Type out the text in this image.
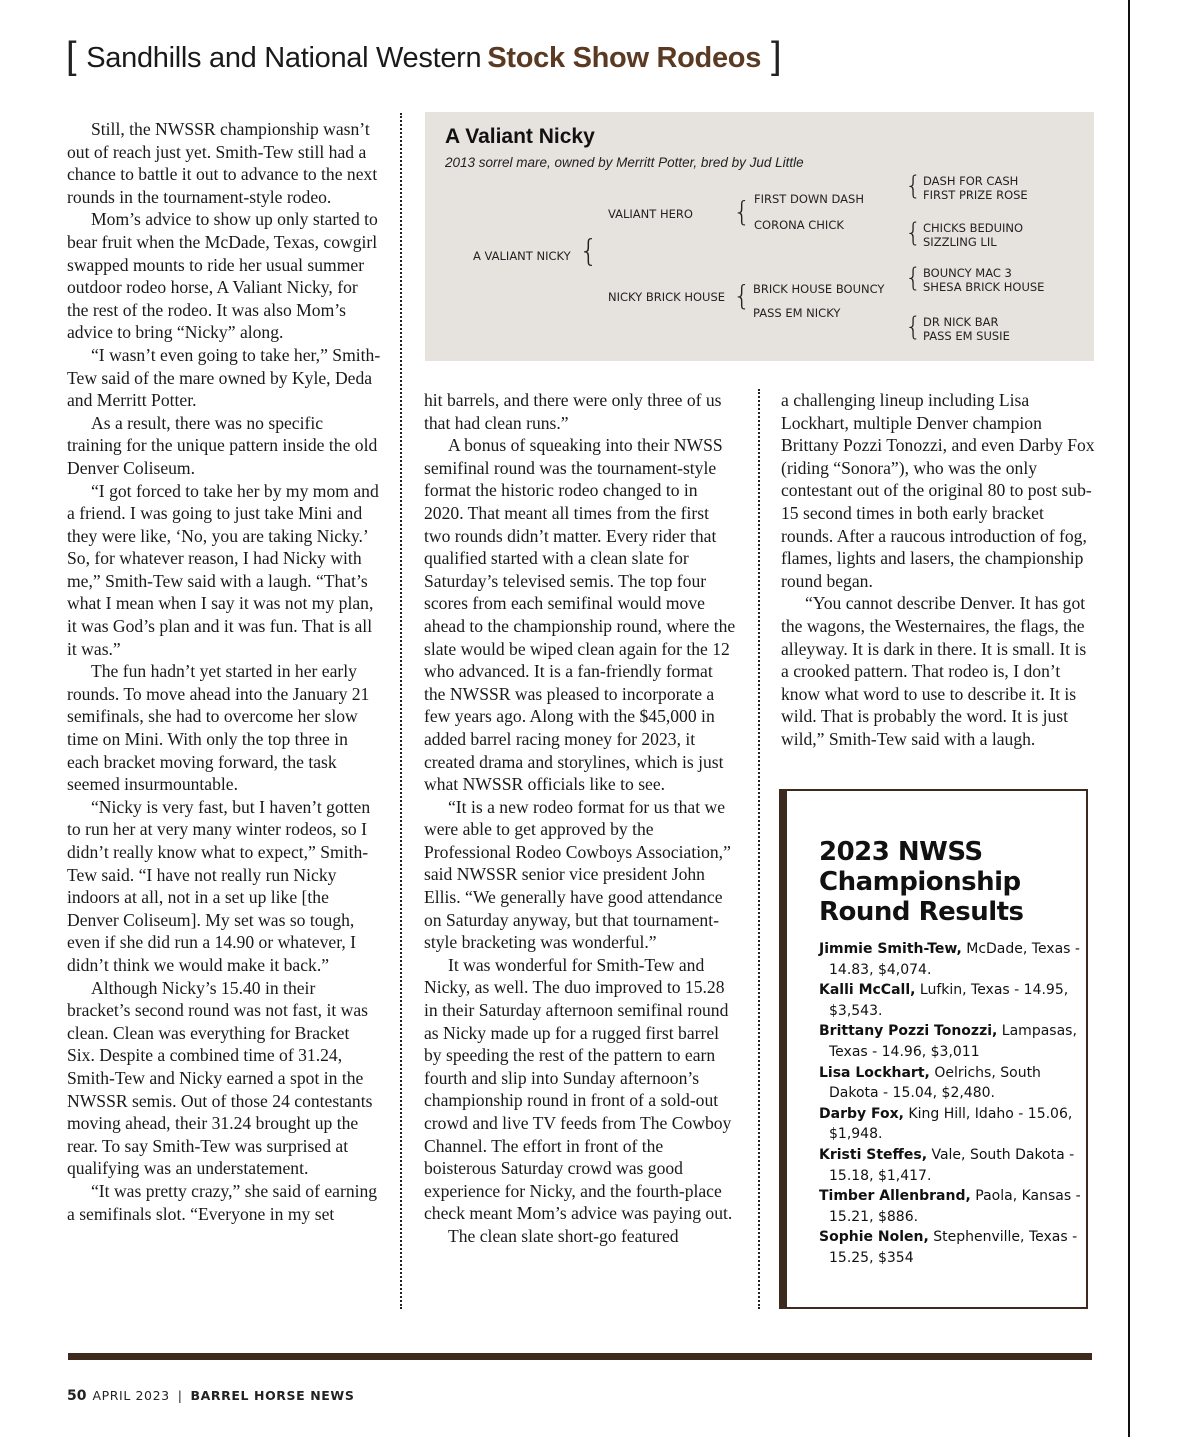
[ Sandhills and National Western Stock Show Rodeos ]

Still, the NWSSR championship wasn’t out of reach just yet. Smith-Tew still had a chance to battle it out to advance to the next rounds in the tournament-style rodeo.

Mom’s advice to show up only started to bear fruit when the McDade, Texas, cowgirl swapped mounts to ride her usual summer outdoor rodeo horse, A Valiant Nicky, for the rest of the rodeo. It was also Mom’s advice to bring “Nicky” along.

“I wasn’t even going to take her,” Smith-Tew said of the mare owned by Kyle, Deda and Merritt Potter.

As a result, there was no specific training for the unique pattern inside the old Denver Coliseum.

“I got forced to take her by my mom and a friend. I was going to just take Mini and they were like, ‘No, you are taking Nicky.’ So, for whatever reason, I had Nicky with me,” Smith-Tew said with a laugh. “That’s what I mean when I say it was not my plan, it was God’s plan and it was fun. That is all it was.”

The fun hadn’t yet started in her early rounds. To move ahead into the January 21 semifinals, she had to overcome her slow time on Mini. With only the top three in each bracket moving forward, the task seemed insurmountable.

“Nicky is very fast, but I haven’t gotten to run her at very many winter rodeos, so I didn’t really know what to expect,” Smith-Tew said. “I have not really run Nicky indoors at all, not in a set up like [the Denver Coliseum]. My set was so tough, even if she did run a 14.90 or whatever, I didn’t think we would make it back.”

Although Nicky’s 15.40 in their bracket’s second round was not fast, it was clean. Clean was everything for Bracket Six. Despite a combined time of 31.24, Smith-Tew and Nicky earned a spot in the NWSSR semis. Out of those 24 contestants moving ahead, their 31.24 brought up the rear. To say Smith-Tew was surprised at qualifying was an understatement.

“It was pretty crazy,” she said of earning a semifinals slot. “Everyone in my set

A Valiant Nicky
2013 sorrel mare, owned by Merritt Potter, bred by Jud Little
A VALIANT NICKY {
VALIANT HERO
NICKY BRICK HOUSE
{
{
FIRST DOWN DASH
CORONA CHICK
BRICK HOUSE BOUNCY
PASS EM NICKY
{
{
{
{
DASH FOR CASH
FIRST PRIZE ROSE
CHICKS BEDUINO
SIZZLING LIL
BOUNCY MAC 3
SHESA BRICK HOUSE
DR NICK BAR
PASS EM SUSIE

hit barrels, and there were only three of us that had clean runs.”

A bonus of squeaking into their NWSS semifinal round was the tournament-style format the historic rodeo changed to in 2020. That meant all times from the first two rounds didn’t matter. Every rider that qualified started with a clean slate for Saturday’s televised semis. The top four scores from each semifinal would move ahead to the championship round, where the slate would be wiped clean again for the 12 who advanced. It is a fan-friendly format the NWSSR was pleased to incorporate a few years ago. Along with the $45,000 in added barrel racing money for 2023, it created drama and storylines, which is just what NWSSR officials like to see.

“It is a new rodeo format for us that we were able to get approved by the Professional Rodeo Cowboys Association,” said NWSSR senior vice president John Ellis. “We generally have good attendance on Saturday anyway, but that tournament-style bracketing was wonderful.”

It was wonderful for Smith-Tew and Nicky, as well. The duo improved to 15.28 in their Saturday afternoon semifinal round as Nicky made up for a rugged first barrel by speeding the rest of the pattern to earn fourth and slip into Sunday afternoon’s championship round in front of a sold-out crowd and live TV feeds from The Cowboy Channel. The effort in front of the boisterous Saturday crowd was good experience for Nicky, and the fourth-place check meant Mom’s advice was paying out.

The clean slate short-go featured

a challenging lineup including Lisa Lockhart, multiple Denver champion Brittany Pozzi Tonozzi, and even Darby Fox (riding “Sonora”), who was the only contestant out of the original 80 to post sub-15 second times in both early bracket rounds. After a raucous introduction of fog, flames, lights and lasers, the championship round began.

“You cannot describe Denver. It has got the wagons, the Westernaires, the flags, the alleyway. It is dark in there. It is small. It is a crooked pattern. That rodeo is, I don’t know what word to use to describe it. It is wild. That is probably the word. It is just wild,” Smith-Tew said with a laugh.

2023 NWSS Championship Round Results

Jimmie Smith-Tew, McDade, Texas - 14.83, $4,074.

Kalli McCall, Lufkin, Texas - 14.95, $3,543.

Brittany Pozzi Tonozzi, Lampasas, Texas - 14.96, $3,011

Lisa Lockhart, Oelrichs, South Dakota - 15.04, $2,480.

Darby Fox, King Hill, Idaho - 15.06, $1,948.

Kristi Steffes, Vale, South Dakota - 15.18, $1,417.

Timber Allenbrand, Paola, Kansas - 15.21, $886.

Sophie Nolen, Stephenville, Texas - 15.25, $354

50 APRIL 2023 | BARREL HORSE NEWS
